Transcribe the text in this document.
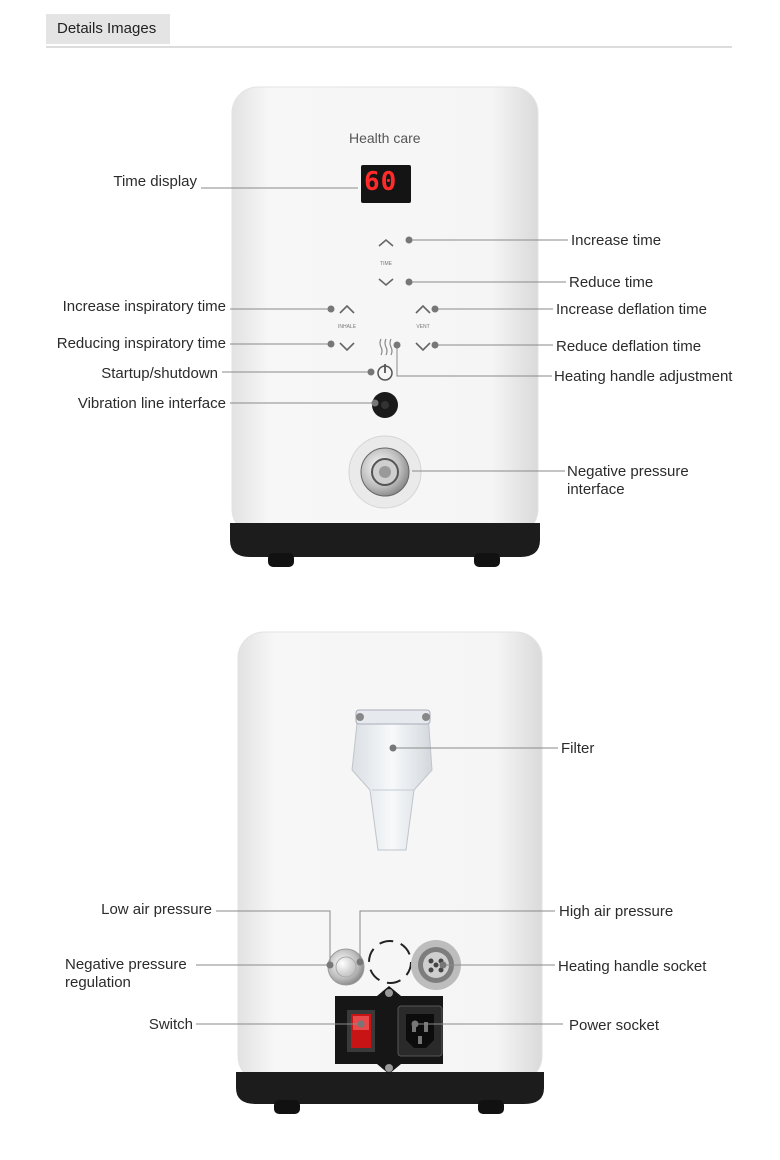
Details Images
TIME
INHALE	VENT
Health care
60
Time display
Increase time
Reduce time
Increase inspiratory time	Increase deflation time
Reducing inspiratory time	Reduce deflation time
Startup/shutdown	Heating handle adjustment
Vibration line interface
Negative pressure interface
Filter
Low air pressure	High air pressure
Negative pressure regulation
Heating handle socket
Switch	Power socket
